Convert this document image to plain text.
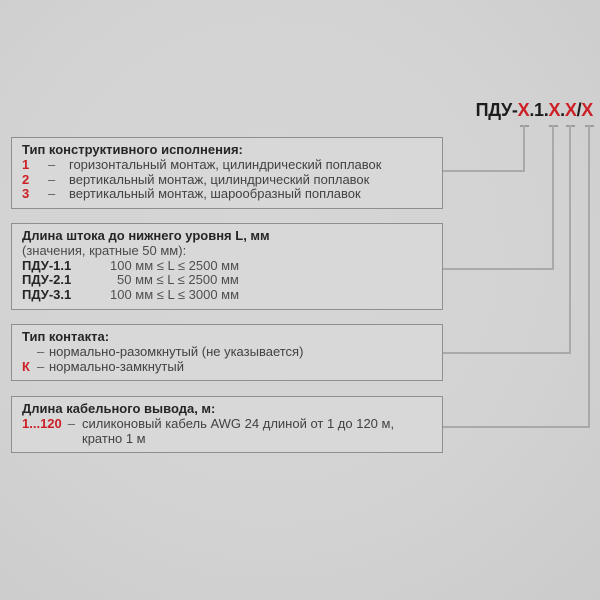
ПДУ-X.1.X.X/X
Тип конструктивного исполнения:
1	–	горизонтальный монтаж, цилиндрический поплавок
2	–	вертикальный монтаж, цилиндрический поплавок
3	–	вертикальный монтаж, шарообразный поплавок
Длина штока до нижнего уровня L, мм
(значения, кратные 50 мм):
ПДУ-1.1	100 мм ≤ L ≤ 2500 мм
ПДУ-2.1	50 мм ≤ L ≤ 2500 мм
ПДУ-3.1	100 мм ≤ L ≤ 3000 мм
Тип контакта:
– нормально-разомкнутый (не указывается)
К – нормально-замкнутый
Длина кабельного вывода, м:
1...120 – силиконовый кабель AWG 24 длиной от 1 до 120 м,
кратно 1 м
